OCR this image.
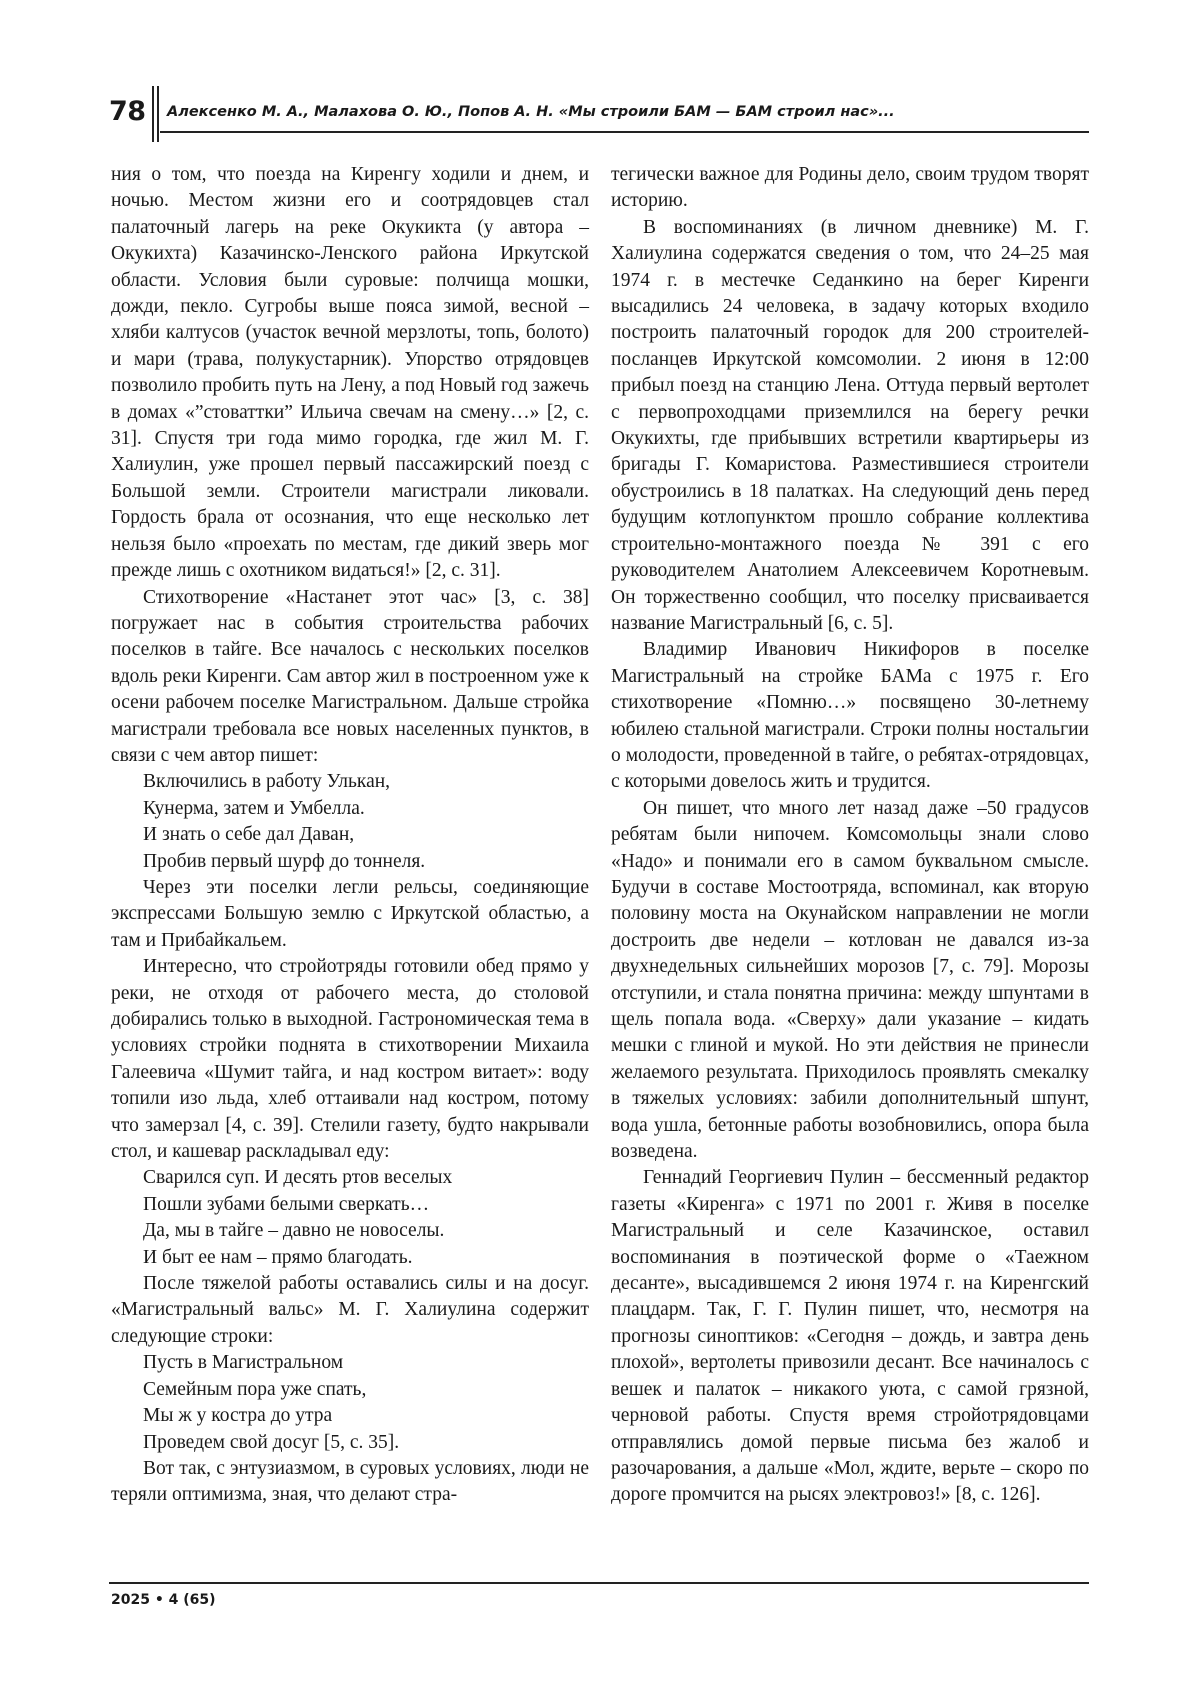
78 Алексенко М. А., Малахова О. Ю., Попов А. Н. «Мы строили БАМ — БАМ строил нас»...

ния о том, что поезда на Киренгу ходили и днем, и ночью. Местом жизни его и соотрядовцев стал палаточный лагерь на реке Окукикта (у автора – Окукихта) Казачинско-Ленского района Иркутской области. Условия были суровые: полчища мошки, дожди, пекло. Сугробы выше пояса зимой, весной – хляби калтусов (участок вечной мерзлоты, топь, болото) и мари (трава, полукустарник). Упорство отрядовцев позволило пробить путь на Лену, а под Новый год зажечь в домах «”стоваттки” Ильича свечам на смену…» [2, с. 31]. Спустя три года мимо городка, где жил М. Г. Халиулин, уже прошел первый пассажирский поезд с Большой земли. Строители магистрали ликовали. Гордость брала от осознания, что еще несколько лет нельзя было «проехать по местам, где дикий зверь мог прежде лишь с охотником видаться!» [2, с. 31].

Стихотворение «Настанет этот час» [3, с. 38] погружает нас в события строительства рабочих поселков в тайге. Все началось с нескольких поселков вдоль реки Киренги. Сам автор жил в построенном уже к осени рабочем поселке Магистральном. Дальше стройка магистрали требовала все новых населенных пунктов, в связи с чем автор пишет:

Включились в работу Улькан,
Кунерма, затем и Умбелла.
И знать о себе дал Даван,
Пробив первый шурф до тоннеля.

Через эти поселки легли рельсы, соединяющие экспрессами Большую землю с Иркутской областью, а там и Прибайкальем.

Интересно, что стройотряды готовили обед прямо у реки, не отходя от рабочего места, до столовой добирались только в выходной. Гастрономическая тема в условиях стройки поднята в стихотворении Михаила Галеевича «Шумит тайга, и над костром витает»: воду топили изо льда, хлеб оттаивали над костром, потому что замерзал [4, с. 39]. Стелили газету, будто накрывали стол, и кашевар раскладывал еду:

Сварился суп. И десять ртов веселых
Пошли зубами белыми сверкать…
Да, мы в тайге – давно не новоселы.
И быт ее нам – прямо благодать.

После тяжелой работы оставались силы и на досуг. «Магистральный вальс» М. Г. Халиулина содержит следующие строки:

Пусть в Магистральном
Семейным пора уже спать,
Мы ж у костра до утра
Проведем свой досуг [5, с. 35].

Вот так, с энтузиазмом, в суровых условиях, люди не теряли оптимизма, зная, что делают стра-

тегически важное для Родины дело, своим трудом творят историю.

В воспоминаниях (в личном дневнике) М. Г. Халиулина содержатся сведения о том, что 24–25 мая 1974 г. в местечке Седанкино на берег Киренги высадились 24 человека, в задачу которых входило построить палаточный городок для 200 строителей-посланцев Иркутской комсомолии. 2 июня в 12:00 прибыл поезд на станцию Лена. Оттуда первый вертолет с первопроходцами приземлился на берегу речки Окукихты, где прибывших встретили квартирьеры из бригады Г. Комаристова. Разместившиеся строители обустроились в 18 палатках. На следующий день перед будущим котлопунктом прошло собрание коллектива строительно-монтажного поезда № 391 с его руководителем Анатолием Алексеевичем Коротневым. Он торжественно сообщил, что поселку присваивается название Магистральный [6, с. 5].

Владимир Иванович Никифоров в поселке Магистральный на стройке БАМа с 1975 г. Его стихотворение «Помню…» посвящено 30-летнему юбилею стальной магистрали. Строки полны ностальгии о молодости, проведенной в тайге, о ребятах-отрядовцах, с которыми довелось жить и трудится.

Он пишет, что много лет назад даже –50 градусов ребятам были нипочем. Комсомольцы знали слово «Надо» и понимали его в самом буквальном смысле. Будучи в составе Мостоотряда, вспоминал, как вторую половину моста на Окунайском направлении не могли достроить две недели – котлован не давался из-за двухнедельных сильнейших морозов [7, с. 79]. Морозы отступили, и стала понятна причина: между шпунтами в щель попала вода. «Сверху» дали указание – кидать мешки с глиной и мукой. Но эти действия не принесли желаемого результата. Приходилось проявлять смекалку в тяжелых условиях: забили дополнительный шпунт, вода ушла, бетонные работы возобновились, опора была возведена.

Геннадий Георгиевич Пулин – бессменный редактор газеты «Киренга» с 1971 по 2001 г. Живя в поселке Магистральный и селе Казачинское, оставил воспоминания в поэтической форме о «Таежном десанте», высадившемся 2 июня 1974 г. на Киренгский плацдарм. Так, Г. Г. Пулин пишет, что, несмотря на прогнозы синоптиков: «Сегодня – дождь, и завтра день плохой», вертолеты привозили десант. Все начиналось с вешек и палаток – никакого уюта, с самой грязной, черновой работы. Спустя время стройотрядовцами отправлялись домой первые письма без жалоб и разочарования, а дальше «Мол, ждите, верьте – скоро по дороге промчится на рысях электровоз!» [8, с. 126].

2025 • 4 (65)
